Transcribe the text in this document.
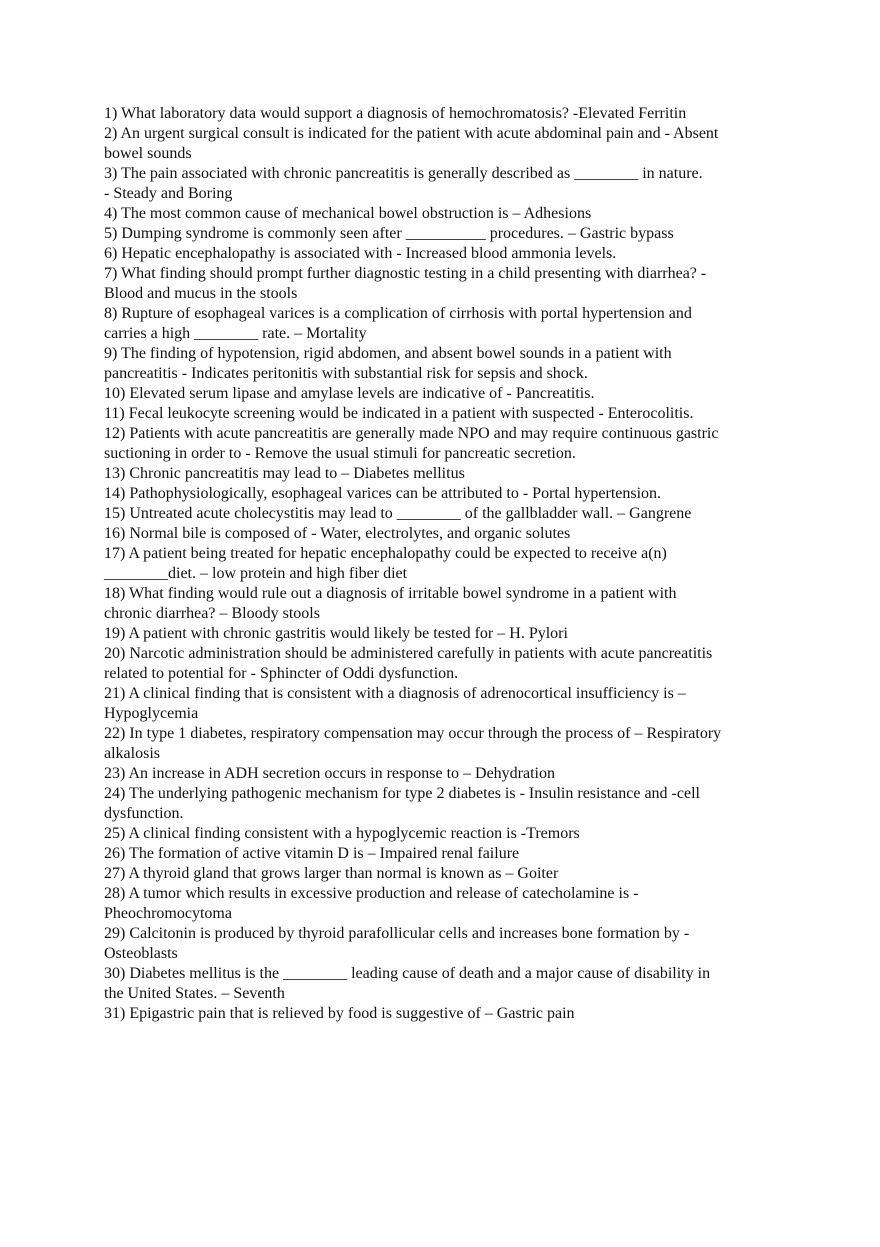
1) What laboratory data would support a diagnosis of hemochromatosis? -Elevated Ferritin
2) An urgent surgical consult is indicated for the patient with acute abdominal pain and - Absent
bowel sounds
3) The pain associated with chronic pancreatitis is generally described as ________ in nature.
- Steady and Boring
4) The most common cause of mechanical bowel obstruction is – Adhesions
5) Dumping syndrome is commonly seen after __________ procedures. – Gastric bypass
6) Hepatic encephalopathy is associated with - Increased blood ammonia levels.
7) What finding should prompt further diagnostic testing in a child presenting with diarrhea? -
Blood and mucus in the stools
8) Rupture of esophageal varices is a complication of cirrhosis with portal hypertension and
carries a high ________ rate. – Mortality
9) The finding of hypotension, rigid abdomen, and absent bowel sounds in a patient with
pancreatitis - Indicates peritonitis with substantial risk for sepsis and shock.
10) Elevated serum lipase and amylase levels are indicative of - Pancreatitis.
11) Fecal leukocyte screening would be indicated in a patient with suspected - Enterocolitis.
12) Patients with acute pancreatitis are generally made NPO and may require continuous gastric
suctioning in order to - Remove the usual stimuli for pancreatic secretion.
13) Chronic pancreatitis may lead to – Diabetes mellitus
14) Pathophysiologically, esophageal varices can be attributed to - Portal hypertension.
15) Untreated acute cholecystitis may lead to ________ of the gallbladder wall. – Gangrene
16) Normal bile is composed of - Water, electrolytes, and organic solutes
17) A patient being treated for hepatic encephalopathy could be expected to receive a(n)
________diet. – low protein and high fiber diet
18) What finding would rule out a diagnosis of irritable bowel syndrome in a patient with
chronic diarrhea? – Bloody stools
19) A patient with chronic gastritis would likely be tested for – H. Pylori
20) Narcotic administration should be administered carefully in patients with acute pancreatitis
related to potential for - Sphincter of Oddi dysfunction.
21) A clinical finding that is consistent with a diagnosis of adrenocortical insufficiency is –
Hypoglycemia
22) In type 1 diabetes, respiratory compensation may occur through the process of – Respiratory
alkalosis
23) An increase in ADH secretion occurs in response to – Dehydration
24) The underlying pathogenic mechanism for type 2 diabetes is - Insulin resistance and -cell
dysfunction.
25) A clinical finding consistent with a hypoglycemic reaction is -Tremors
26) The formation of active vitamin D is – Impaired renal failure
27) A thyroid gland that grows larger than normal is known as – Goiter
28) A tumor which results in excessive production and release of catecholamine is -
Pheochromocytoma
29) Calcitonin is produced by thyroid parafollicular cells and increases bone formation by -
Osteoblasts
30) Diabetes mellitus is the ________ leading cause of death and a major cause of disability in
the United States. – Seventh
31) Epigastric pain that is relieved by food is suggestive of – Gastric pain
